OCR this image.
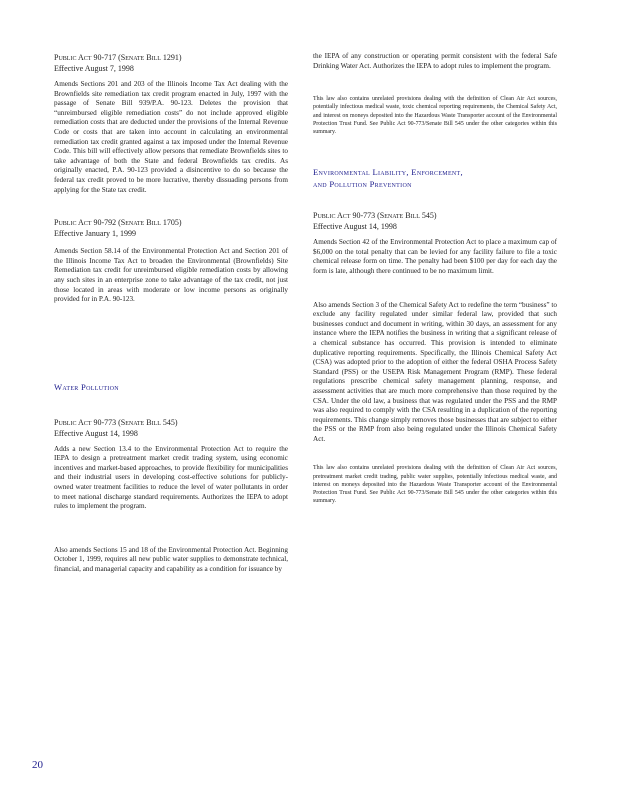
Public Act 90-717 (Senate Bill 1291)

Effective August 7, 1998

Amends Sections 201 and 203 of the Illinois Income Tax Act dealing with the Brownfields site remediation tax credit program enacted in July, 1997 with the passage of Senate Bill 939/P.A. 90-123. Deletes the provision that “unreimbursed eligible remediation costs” do not include approved eligible remediation costs that are deducted under the provisions of the Internal Revenue Code or costs that are taken into account in calculating an environmental remediation tax credit granted against a tax imposed under the Internal Revenue Code. This bill will effectively allow persons that remediate Brownfields sites to take advantage of both the State and federal Brownfields tax credits. As originally enacted, P.A. 90-123 provided a disincentive to do so because the federal tax credit proved to be more lucrative, thereby dissuading persons from applying for the State tax credit.

Public Act 90-792 (Senate Bill 1705)

Effective January 1, 1999

Amends Section 58.14 of the Environmental Protection Act and Section 201 of the Illinois Income Tax Act to broaden the Environmental (Brownfields) Site Remediation tax credit for unreimbursed eligible remediation costs by allowing any such sites in an enterprise zone to take advantage of the tax credit, not just those located in areas with moderate or low income persons as originally provided for in P.A. 90-123.

Water Pollution

Public Act 90-773 (Senate Bill 545)

Effective August 14, 1998

Adds a new Section 13.4 to the Environmental Protection Act to require the IEPA to design a pretreatment market credit trading system, using economic incentives and market-based approaches, to provide flexibility for municipalities and their industrial users in developing cost-effective solutions for publicly-owned water treatment facilities to reduce the level of water pollutants in order to meet national discharge standard requirements. Authorizes the IEPA to adopt rules to implement the program.

Also amends Sections 15 and 18 of the Environmental Protection Act. Beginning October 1, 1999, requires all new public water supplies to demonstrate technical, financial, and managerial capacity and capability as a condition for issuance by

the IEPA of any construction or operating permit consistent with the federal Safe Drinking Water Act. Authorizes the IEPA to adopt rules to implement the program.

This law also contains unrelated provisions dealing with the definition of Clean Air Act sources, potentially infectious medical waste, toxic chemical reporting requirements, the Chemical Safety Act, and interest on moneys deposited into the Hazardous Waste Transporter account of the Environmental Protection Trust Fund. See Public Act 90-773/Senate Bill 545 under the other categories within this summary.

Environmental Liability, Enforcement,

and Pollution Prevention

Public Act 90-773 (Senate Bill 545)

Effective August 14, 1998

Amends Section 42 of the Environmental Protection Act to place a maximum cap of $6,000 on the total penalty that can be levied for any facility failure to file a toxic chemical release form on time. The penalty had been $100 per day for each day the form is late, although there continued to be no maximum limit.

Also amends Section 3 of the Chemical Safety Act to redefine the term “business” to exclude any facility regulated under similar federal law, provided that such businesses conduct and document in writing, within 30 days, an assessment for any instance where the IEPA notifies the business in writing that a significant release of a chemical substance has occurred. This provision is intended to eliminate duplicative reporting requirements. Specifically, the Illinois Chemical Safety Act (CSA) was adopted prior to the adoption of either the federal OSHA Process Safety Standard (PSS) or the USEPA Risk Management Program (RMP). These federal regulations prescribe chemical safety management planning, response, and assessment activities that are much more comprehensive than those required by the CSA. Under the old law, a business that was regulated under the PSS and the RMP was also required to comply with the CSA resulting in a duplication of the reporting requirements. This change simply removes those businesses that are subject to either the PSS or the RMP from also being regulated under the Illinois Chemical Safety Act.

This law also contains unrelated provisions dealing with the definition of Clean Air Act sources, pretreatment market credit trading, public water supplies, potentially infectious medical waste, and interest on moneys deposited into the Hazardous Waste Transporter account of the Environmental Protection Trust Fund. See Public Act 90-773/Senate Bill 545 under the other categories within this summary.

20
